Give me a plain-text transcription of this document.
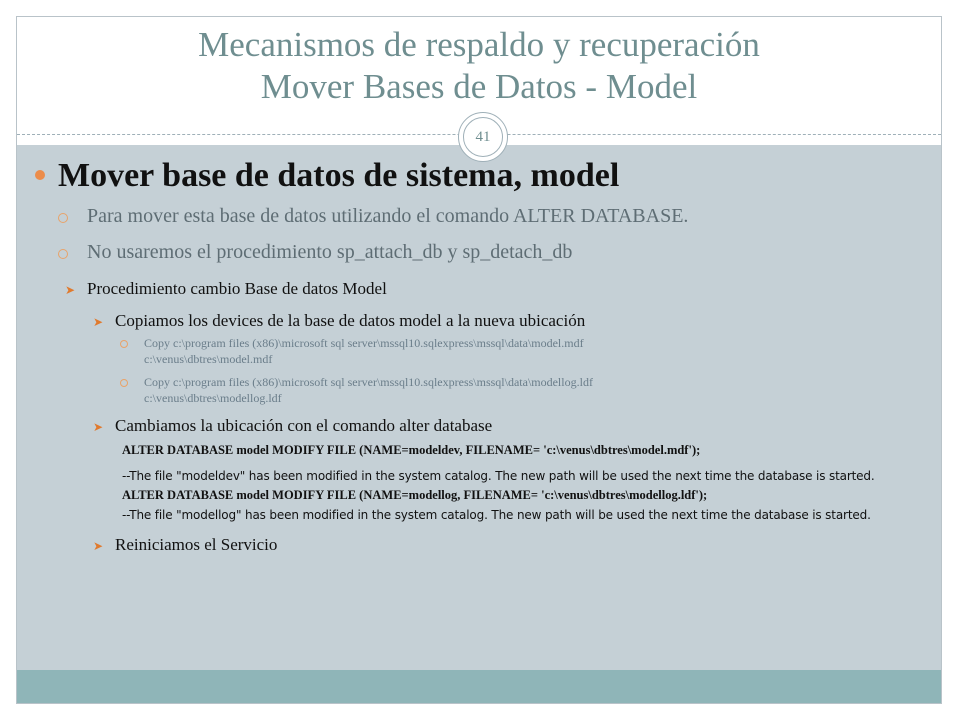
Mecanismos de respaldo y recuperación
Mover Bases de Datos - Model
41
Mover base de datos de sistema, model
Para mover esta base de datos utilizando el comando ALTER DATABASE.
No usaremos el procedimiento sp_attach_db y sp_detach_db
➤ Procedimiento cambio Base de datos Model
➤ Copiamos los devices de la base de datos model a la nueva ubicación
Copy c:\program files (x86)\microsoft sql server\mssql10.sqlexpress\mssql\data\model.mdf
c:\venus\dbtres\model.mdf
Copy c:\program files (x86)\microsoft sql server\mssql10.sqlexpress\mssql\data\modellog.ldf
c:\venus\dbtres\modellog.ldf
➤ Cambiamos la ubicación con el comando alter database
ALTER DATABASE model MODIFY FILE (NAME=modeldev, FILENAME= 'c:\venus\dbtres\model.mdf');
--The file "modeldev" has been modified in the system catalog. The new path will be used the next time the database is started.
ALTER DATABASE model MODIFY FILE (NAME=modellog, FILENAME= 'c:\venus\dbtres\modellog.ldf');
--The file "modellog" has been modified in the system catalog. The new path will be used the next time the database is started.
➤ Reiniciamos el Servicio
